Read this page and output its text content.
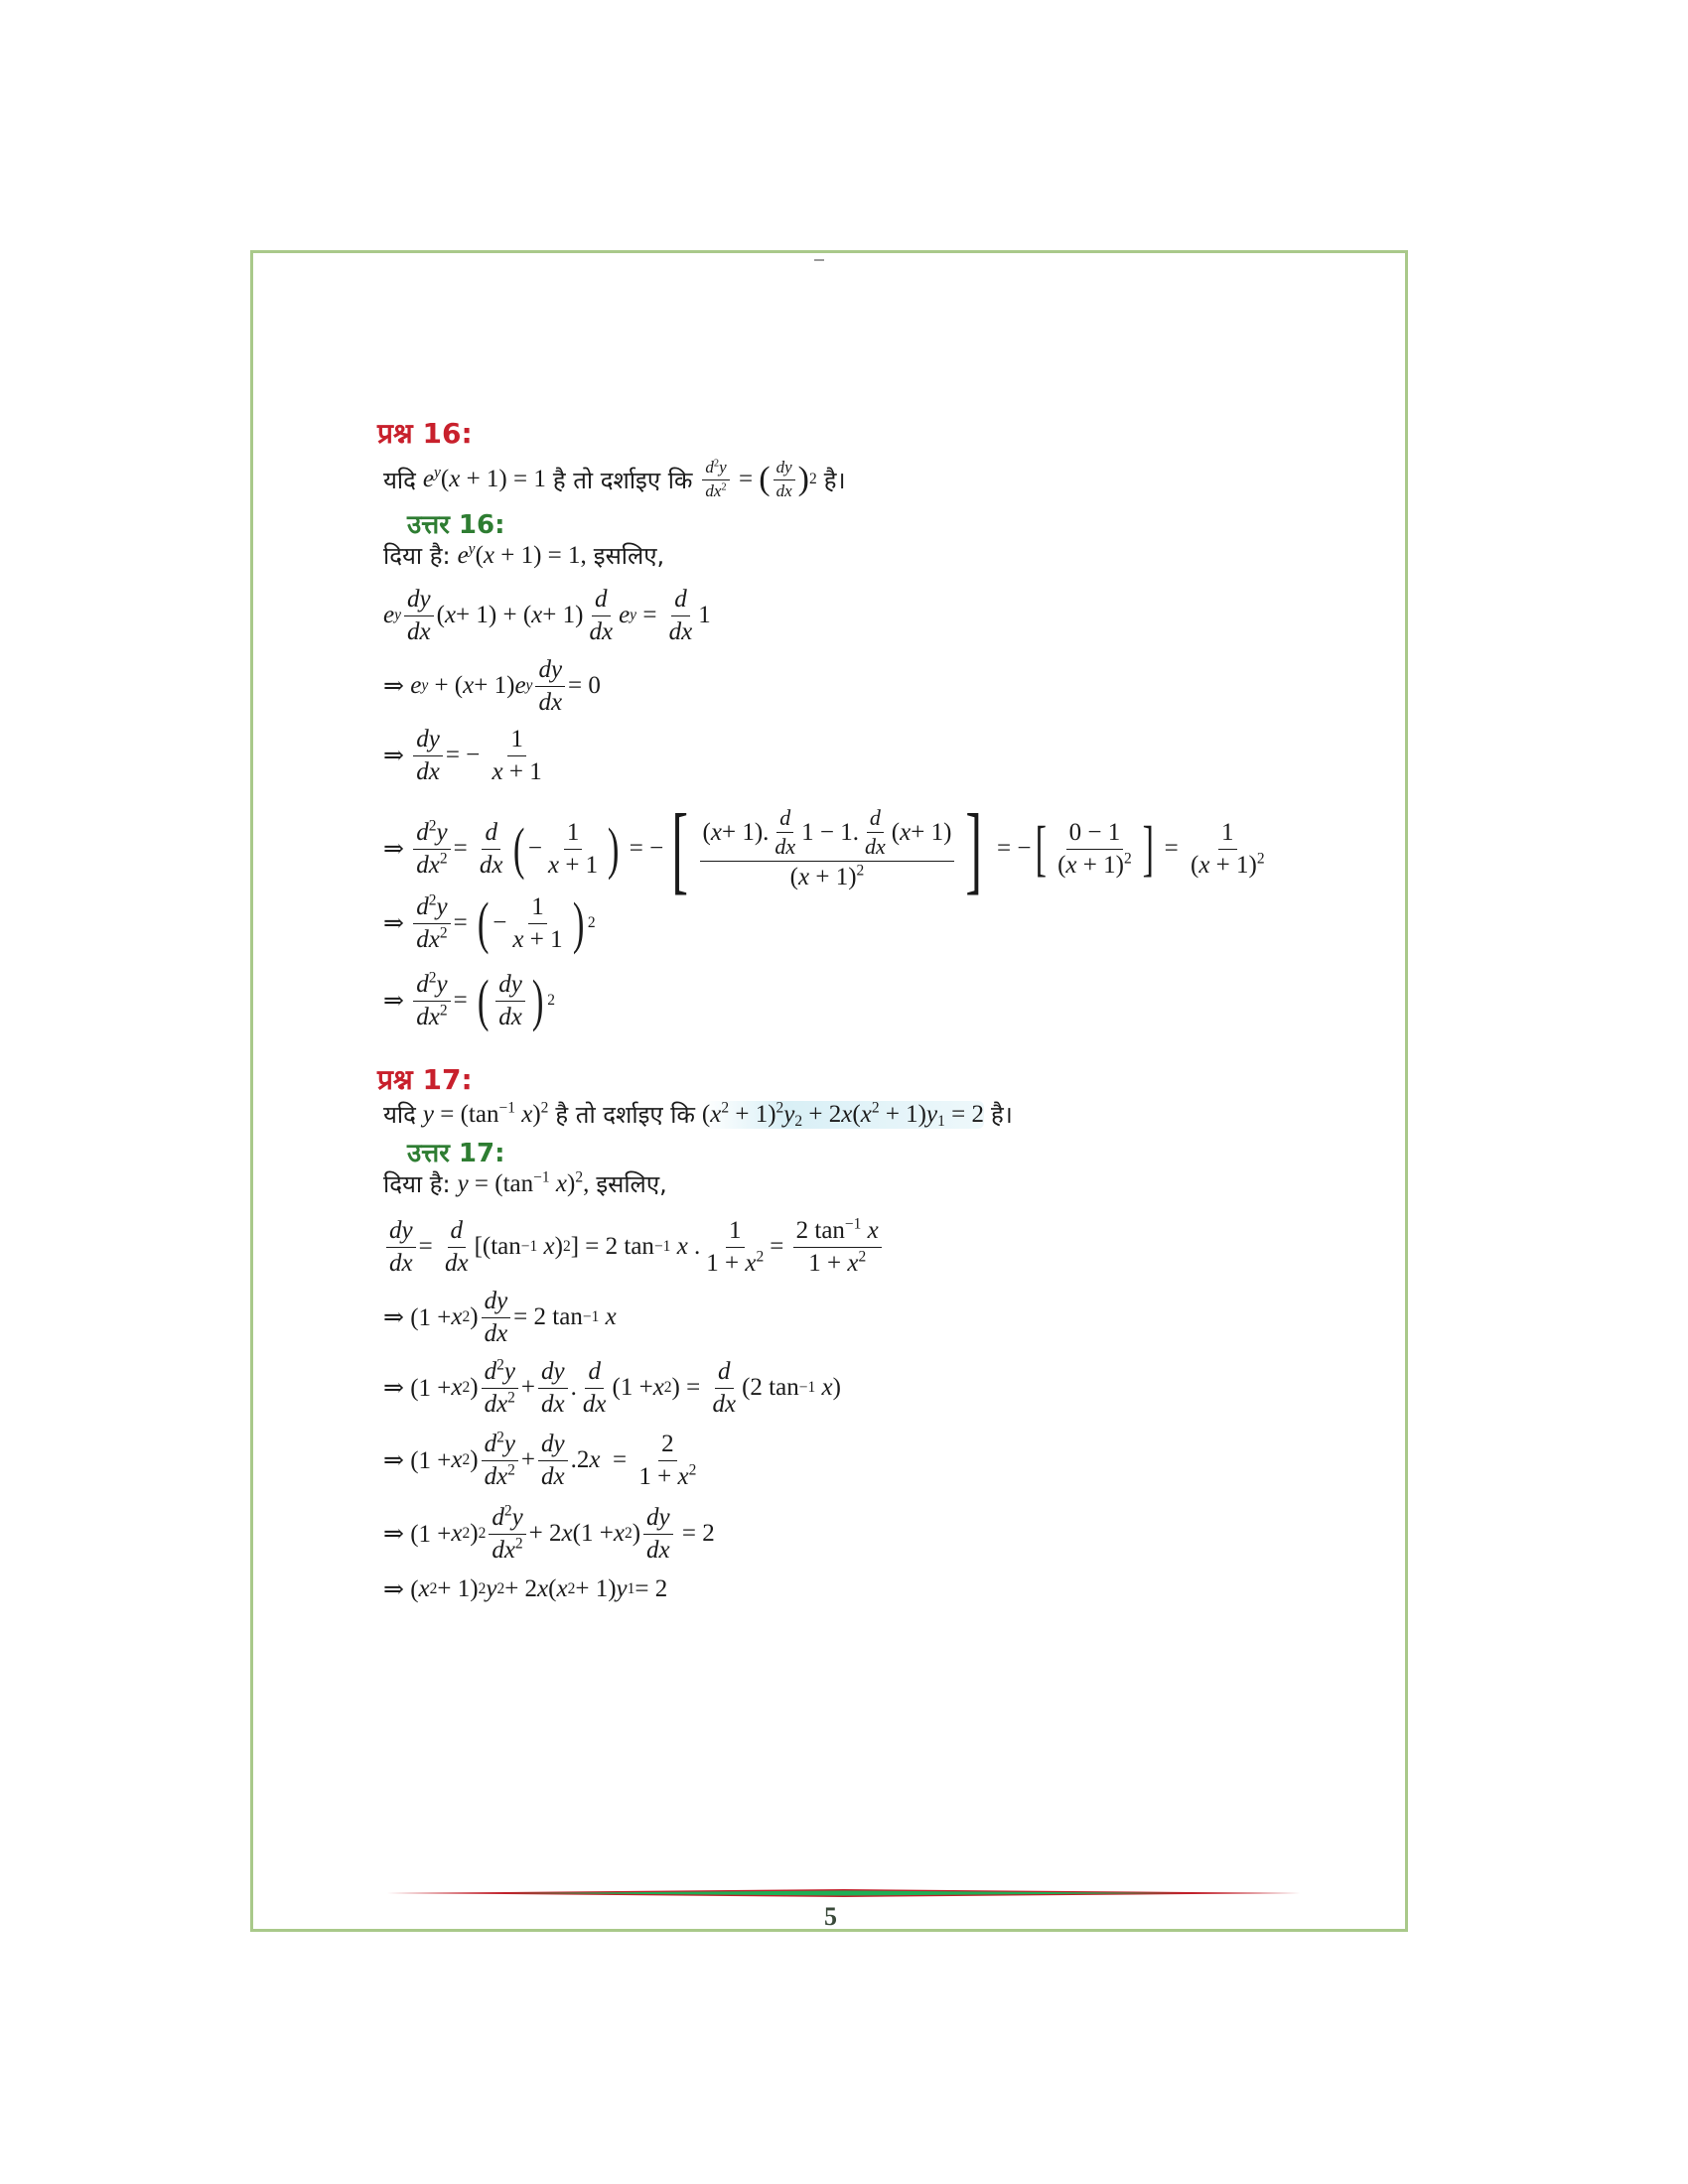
प्रश्न 16:
यदि $e^y(x + 1) = 1$ है तो दर्शाइए कि $\frac{d^2y}{dx^2}$ = ( $\frac{dy}{dx}$ ) 2 है।
उत्तर 16:
दिया है: $e^y(x + 1) = 1$, इसलिए,
e y $\frac{dy}{dx}$ ( x + 1) + ( $x + 1) \frac{d}{dx}$ e $y = \frac{d}{dx} 1$
⇒ e y + ( x + 1) e y $\frac{dy}{dx} = 0$
⇒ $\frac{dy}{dx}$ = − $\frac{1}{x + 1}$
⇒ $\frac{d^2y}{dx^2} = \frac{d}{dx}$ ( − $\frac{1}{x + 1}$ ) = − [ $\frac{( x + 1). \frac{d}{dx} 1 - 1. \frac{d}{dx} ( x + 1)}{(x + 1)^2}$ ] = − [ $\frac{0 - 1}{(x + 1)^2}$ ] = $\frac{1}{(x + 1)^2}$
⇒ $\frac{d^2y}{dx^2}$ = ( − $\frac{1}{x + 1}$ ) 2
⇒ $\frac{d^2y}{dx^2}$ = ( $\frac{dy}{dx}$ ) 2
प्रश्न 17:
यदि $y = (\tan^{-1}$ x)$^2$ है तो दर्शाइए कि $(x^2 + 1)^2y_2 + 2x(x^2 + 1)y_1 = 2$ है।
उत्तर 17:
दिया है: $y = (\tan^{-1}$ x)$^2$, इसलिए,
$\frac{dy}{dx} = \frac{d}{dx} [(\tan -1$
x ) 2 ] = 2 tan −1
x . $\frac{1}{1 + x^2} = \frac{2 \tan^{-1} x}{1 + x^2}$
⇒ (1 + x 2 ) $\frac{dy}{dx} = 2$ tan −1
x
⇒ (1 + x 2 ) $\frac{d^2y}{dx^2} + \frac{dy}{dx}$ . $\frac{d}{dx} (1 + x$ 2 ) = $\frac{d}{dx} (2$ tan −1
x )
⇒ (1 + x 2 ) $\frac{d^2y}{dx^2} + \frac{dy}{dx} .2$ $x = \frac{2}{1 + x^2}$
⇒ (1 + x 2 ) $2 \frac{d^2y}{dx^2} + 2$ x (1 + x 2 ) $\frac{dy}{dx} = 2$
⇒ ( x 2 + 1) 2 y 2 + 2 x ( x 2 + 1) y 1 = 2
5
